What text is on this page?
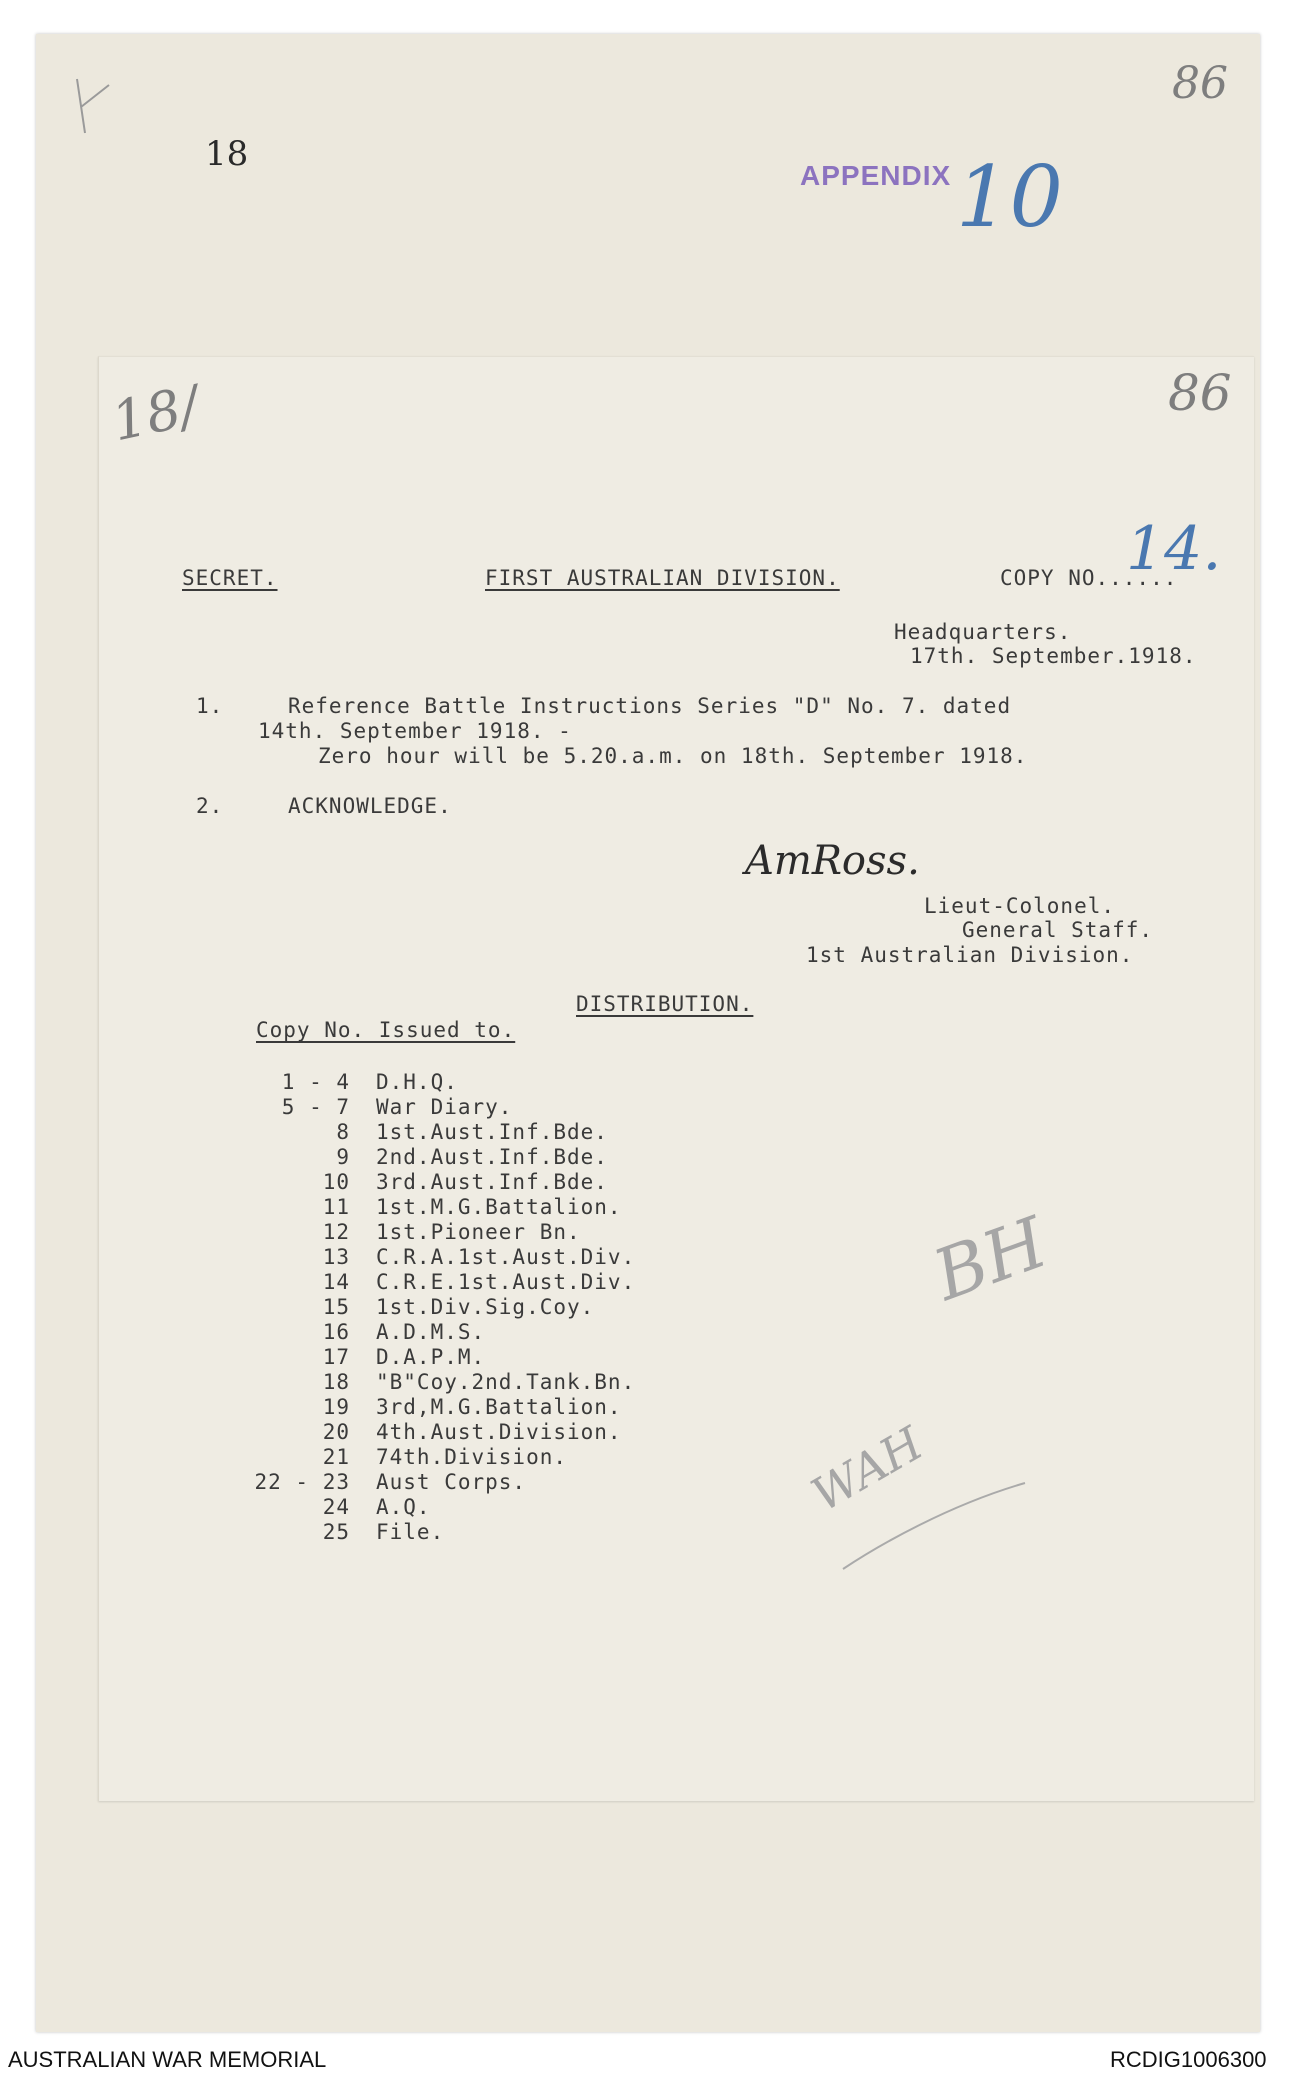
18
86
APPENDIX 10
18/	86
SECRET.	FIRST AUSTRALIAN DIVISION.	COPY NO......
14.
Headquarters.
17th. September.1918.
1.	Reference Battle Instructions Series "D" No. 7. dated
14th. September 1918. -
Zero hour will be 5.20.a.m. on 18th. September 1918.
2.	ACKNOWLEDGE.
AmRoss.
Lieut-Colonel.
General Staff.
1st Australian Division.
DISTRIBUTION.
Copy No. Issued to.
1 - 4 D.H.Q.
5 - 7 War Diary.
8 1st.Aust.Inf.Bde.
9 2nd.Aust.Inf.Bde.
10 3rd.Aust.Inf.Bde.
11 1st.M.G.Battalion.
12 1st.Pioneer Bn.
13 C.R.A.1st.Aust.Div.
14 C.R.E.1st.Aust.Div.
15 1st.Div.Sig.Coy.
16 A.D.M.S.
17 D.A.P.M.
18 "B"Coy.2nd.Tank.Bn.
19 3rd,M.G.Battalion.
20 4th.Aust.Division.
21 74th.Division.
22 - 23 Aust Corps.
24 A.Q.
25 File.
BH
WAH

AUSTRALIAN WAR MEMORIAL	RCDIG1006300
